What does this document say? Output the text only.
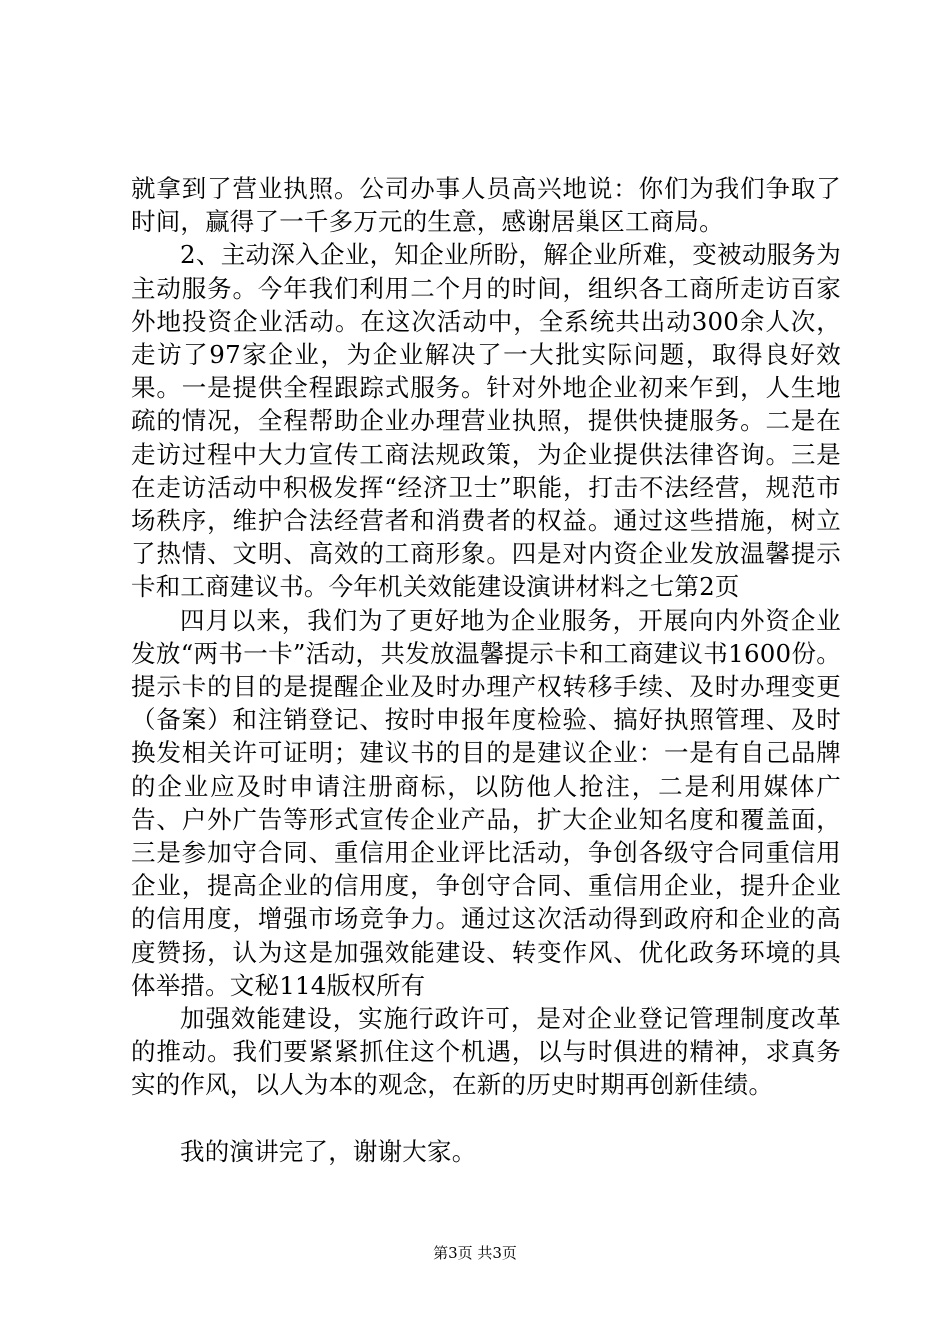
就拿到了营业执照。公司办事人员高兴地说：你们为我们争取了时间，赢得了一千多万元的生意，感谢居巢区工商局。

2、主动深入企业，知企业所盼，解企业所难，变被动服务为主动服务。今年我们利用二个月的时间，组织各工商所走访百家外地投资企业活动。在这次活动中，全系统共出动300余人次，走访了97家企业，为企业解决了一大批实际问题，取得良好效果。一是提供全程跟踪式服务。针对外地企业初来乍到，人生地疏的情况，全程帮助企业办理营业执照，提供快捷服务。二是在走访过程中大力宣传工商法规政策，为企业提供法律咨询。三是在走访活动中积极发挥“经济卫士”职能，打击不法经营，规范市场秩序，维护合法经营者和消费者的权益。通过这些措施，树立了热情、文明、高效的工商形象。四是对内资企业发放温馨提示卡和工商建议书。今年机关效能建设演讲材料之七第2页

四月以来，我们为了更好地为企业服务，开展向内外资企业发放“两书一卡”活动，共发放温馨提示卡和工商建议书1600份。提示卡的目的是提醒企业及时办理产权转移手续、及时办理变更（备案）和注销登记、按时申报年度检验、搞好执照管理、及时换发相关许可证明；建议书的目的是建议企业：一是有自己品牌的企业应及时申请注册商标，以防他人抢注，二是利用媒体广告、户外广告等形式宣传企业产品，扩大企业知名度和覆盖面，三是参加守合同、重信用企业评比活动，争创各级守合同重信用企业，提高企业的信用度，争创守合同、重信用企业，提升企业的信用度，增强市场竞争力。通过这次活动得到政府和企业的高度赞扬，认为这是加强效能建设、转变作风、优化政务环境的具体举措。文秘114版权所有

加强效能建设，实施行政许可，是对企业登记管理制度改革的推动。我们要紧紧抓住这个机遇，以与时俱进的精神，求真务实的作风，以人为本的观念，在新的历史时期再创新佳绩。

我的演讲完了，谢谢大家。

第3页 共3页
